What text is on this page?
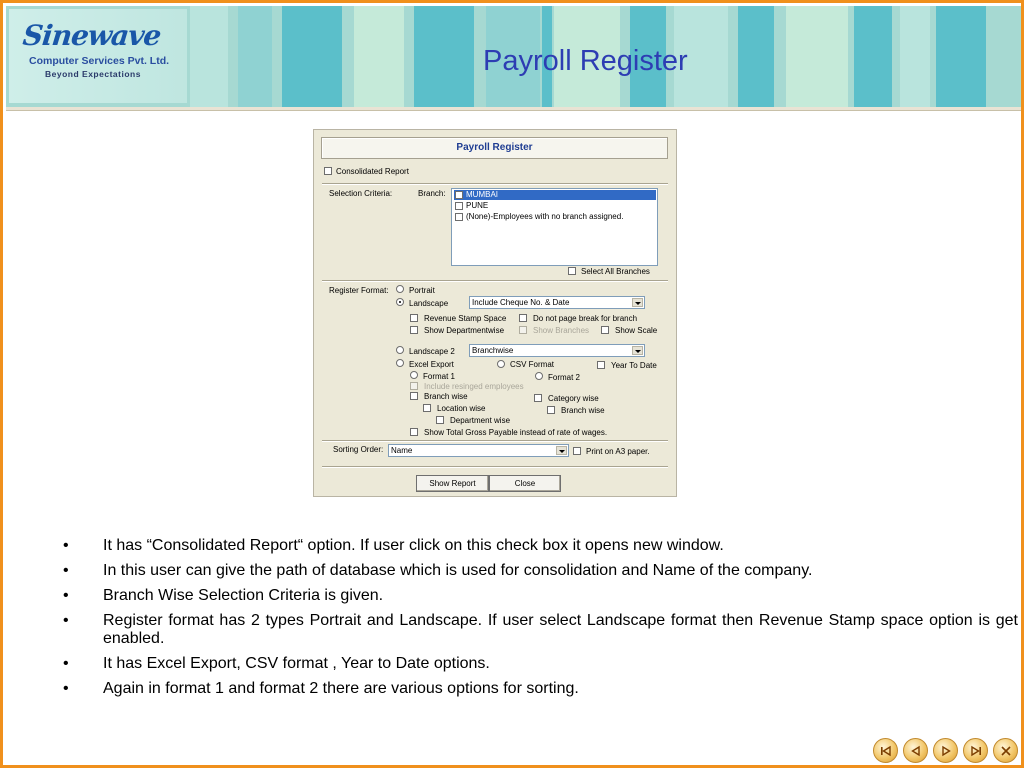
Sinewave
Computer Services Pvt. Ltd.
Beyond Expectations	Payroll Register
Payroll Register
Consolidated Report
Selection Criteria:	Branch:	MUMBAI
PUNE
(None)-Employees with no branch assigned.
Select All Branches
Register Format:	Portrait
Landscape	Include Cheque No. & Date
Revenue Stamp Space	Do not page break for branch
Show Departmentwise	Show Branches	Show Scale
Landscape 2	Branchwise
Excel Export	CSV Format	Year To Date
Format 1	Format 2
Include resinged employees
Branch wise	Category wise
Location wise	Branch wise
Department wise
Show Total Gross Payable instead of rate of wages.
Sorting Order: Name	Print on A3 paper.
Show Report	Close
• It has “Consolidated Report“ option. If user click on this check box it opens new window.
• In this user can give the path of database which is used for consolidation and Name of the company.
• Branch Wise Selection Criteria is given.
• Register format has 2 types Portrait and Landscape. If user select Landscape format then Revenue Stamp space option is get enabled.
• It has Excel Export, CSV format , Year to Date options.
• Again in format 1 and format 2 there are various options for sorting.
